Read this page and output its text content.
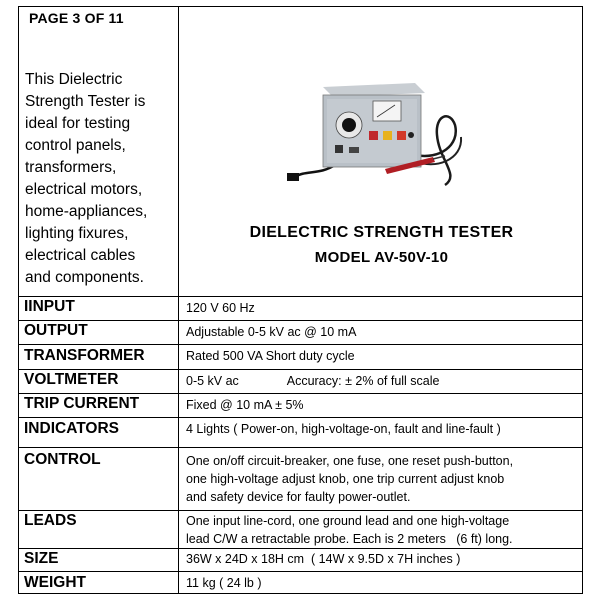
PAGE 3 OF 11
This Dielectric
Strength Tester is
ideal for testing
control panels,
transformers,
electrical motors,
home-appliances,
lighting fixures,
electrical cables
and components.
DIELECTRIC STRENGTH TESTER
MODEL AV-50V-10
IINPUT	120 V 60 Hz
OUTPUT	Adjustable 0-5 kV ac @ 10 mA
TRANSFORMER	Rated 500 VA Short duty cycle
VOLTMETER	0-5 kV ac              Accuracy: ± 2% of full scale
TRIP CURRENT	Fixed @ 10 mA ± 5%
INDICATORS	4 Lights ( Power-on, high-voltage-on, fault and line-fault )
CONTROL	One on/off circuit-breaker, one fuse, one reset push-button,
one high-voltage adjust knob, one trip current adjust knob
and safety device for faulty power-outlet.
LEADS	One input line-cord, one ground lead and one high-voltage
lead C/W a retractable probe. Each is 2 meters   (6 ft) long.
SIZE	36W x 24D x 18H cm  ( 14W x 9.5D x 7H inches )
WEIGHT	11 kg ( 24 lb )
